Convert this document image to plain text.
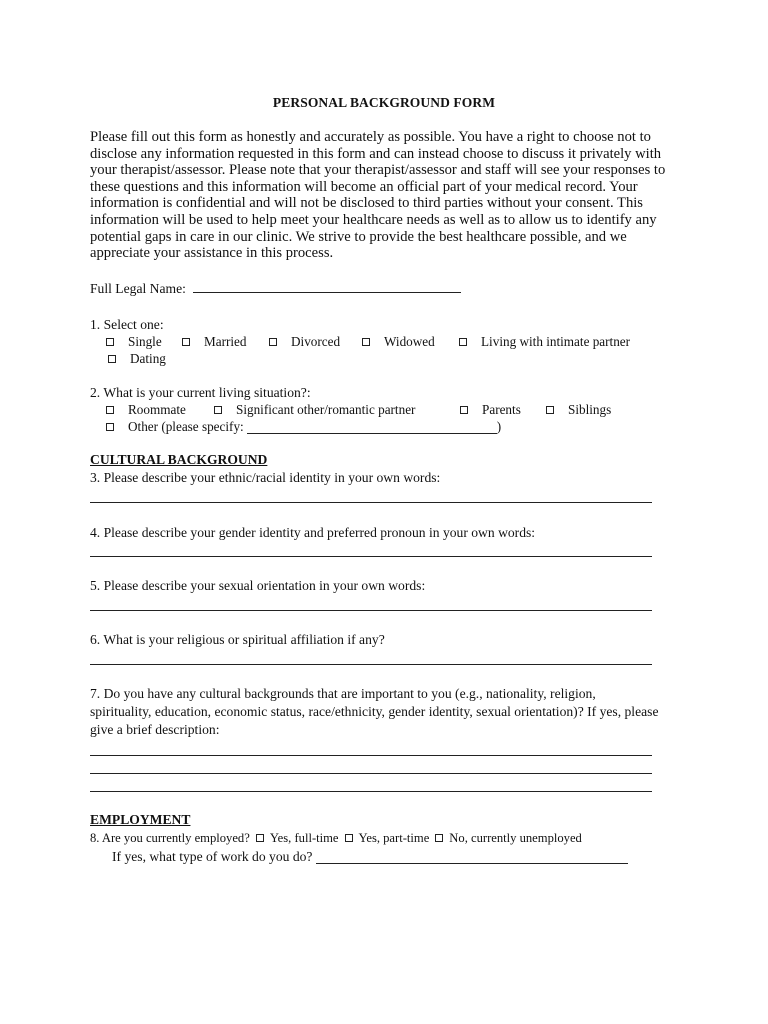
PERSONAL BACKGROUND FORM
Please fill out this form as honestly and accurately as possible. You have a right to choose not to disclose any information requested in this form and can instead choose to discuss it privately with your therapist/assessor. Please note that your therapist/assessor and staff will see your responses to these questions and this information will become an official part of your medical record. Your information is confidential and will not be disclosed to third parties without your consent. This information will be used to help meet your healthcare needs as well as to allow us to identify any potential gaps in care in our clinic. We strive to provide the best healthcare possible, and we appreciate your assistance in this process.
Full Legal Name:
1. Select one:
Single	Married	Divorced	Widowed	Living with intimate partner
Dating
2. What is your current living situation?:
Roommate	Significant other/romantic partner	Parents	Siblings
Other (please specify:	)
CULTURAL BACKGROUND
3. Please describe your ethnic/racial identity in your own words:
4. Please describe your gender identity and preferred pronoun in your own words:
5. Please describe your sexual orientation in your own words:
6. What is your religious or spiritual affiliation if any?
7. Do you have any cultural backgrounds that are important to you (e.g., nationality, religion, spirituality, education, economic status, race/ethnicity, gender identity, sexual orientation)? If yes, please give a brief description:
EMPLOYMENT
8. Are you currently employed? Yes, full-time Yes, part-time No, currently unemployed
If yes, what type of work do you do?
